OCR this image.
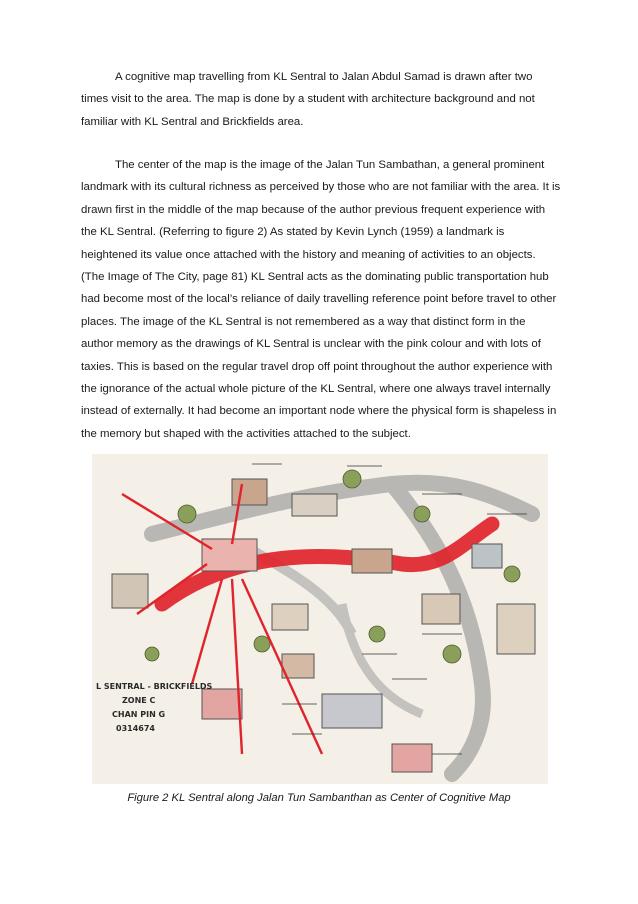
A cognitive map travelling from KL Sentral to Jalan Abdul Samad is drawn after two
times visit to the area. The map is done by a student with architecture background and not
familiar with KL Sentral and Brickfields area.

The center of the map is the image of the Jalan Tun Sambathan, a general prominent
landmark with its cultural richness as perceived by those who are not familiar with the area. It is
drawn first in the middle of the map because of the author previous frequent experience with
the KL Sentral. (Referring to figure 2) As stated by Kevin Lynch (1959) a landmark is
heightened its value once attached with the history and meaning of activities to an objects.
(The Image of The City, page 81) KL Sentral acts as the dominating public transportation hub
had become most of the local’s reliance of daily travelling reference point before travel to other
places. The image of the KL Sentral is not remembered as a way that distinct form in the
author memory as the drawings of KL Sentral is unclear with the pink colour and with lots of
taxies. This is based on the regular travel drop off point throughout the author experience with
the ignorance of the actual whole picture of the KL Sentral, where one always travel internally
instead of externally. It had become an important node where the physical form is shapeless in
the memory but shaped with the activities attached to the subject.

L SENTRAL - BRICKFIELDS
ZONE C
CHAN PIN G
0314674
Figure 2 KL Sentral along Jalan Tun Sambanthan as Center of Cognitive Map
